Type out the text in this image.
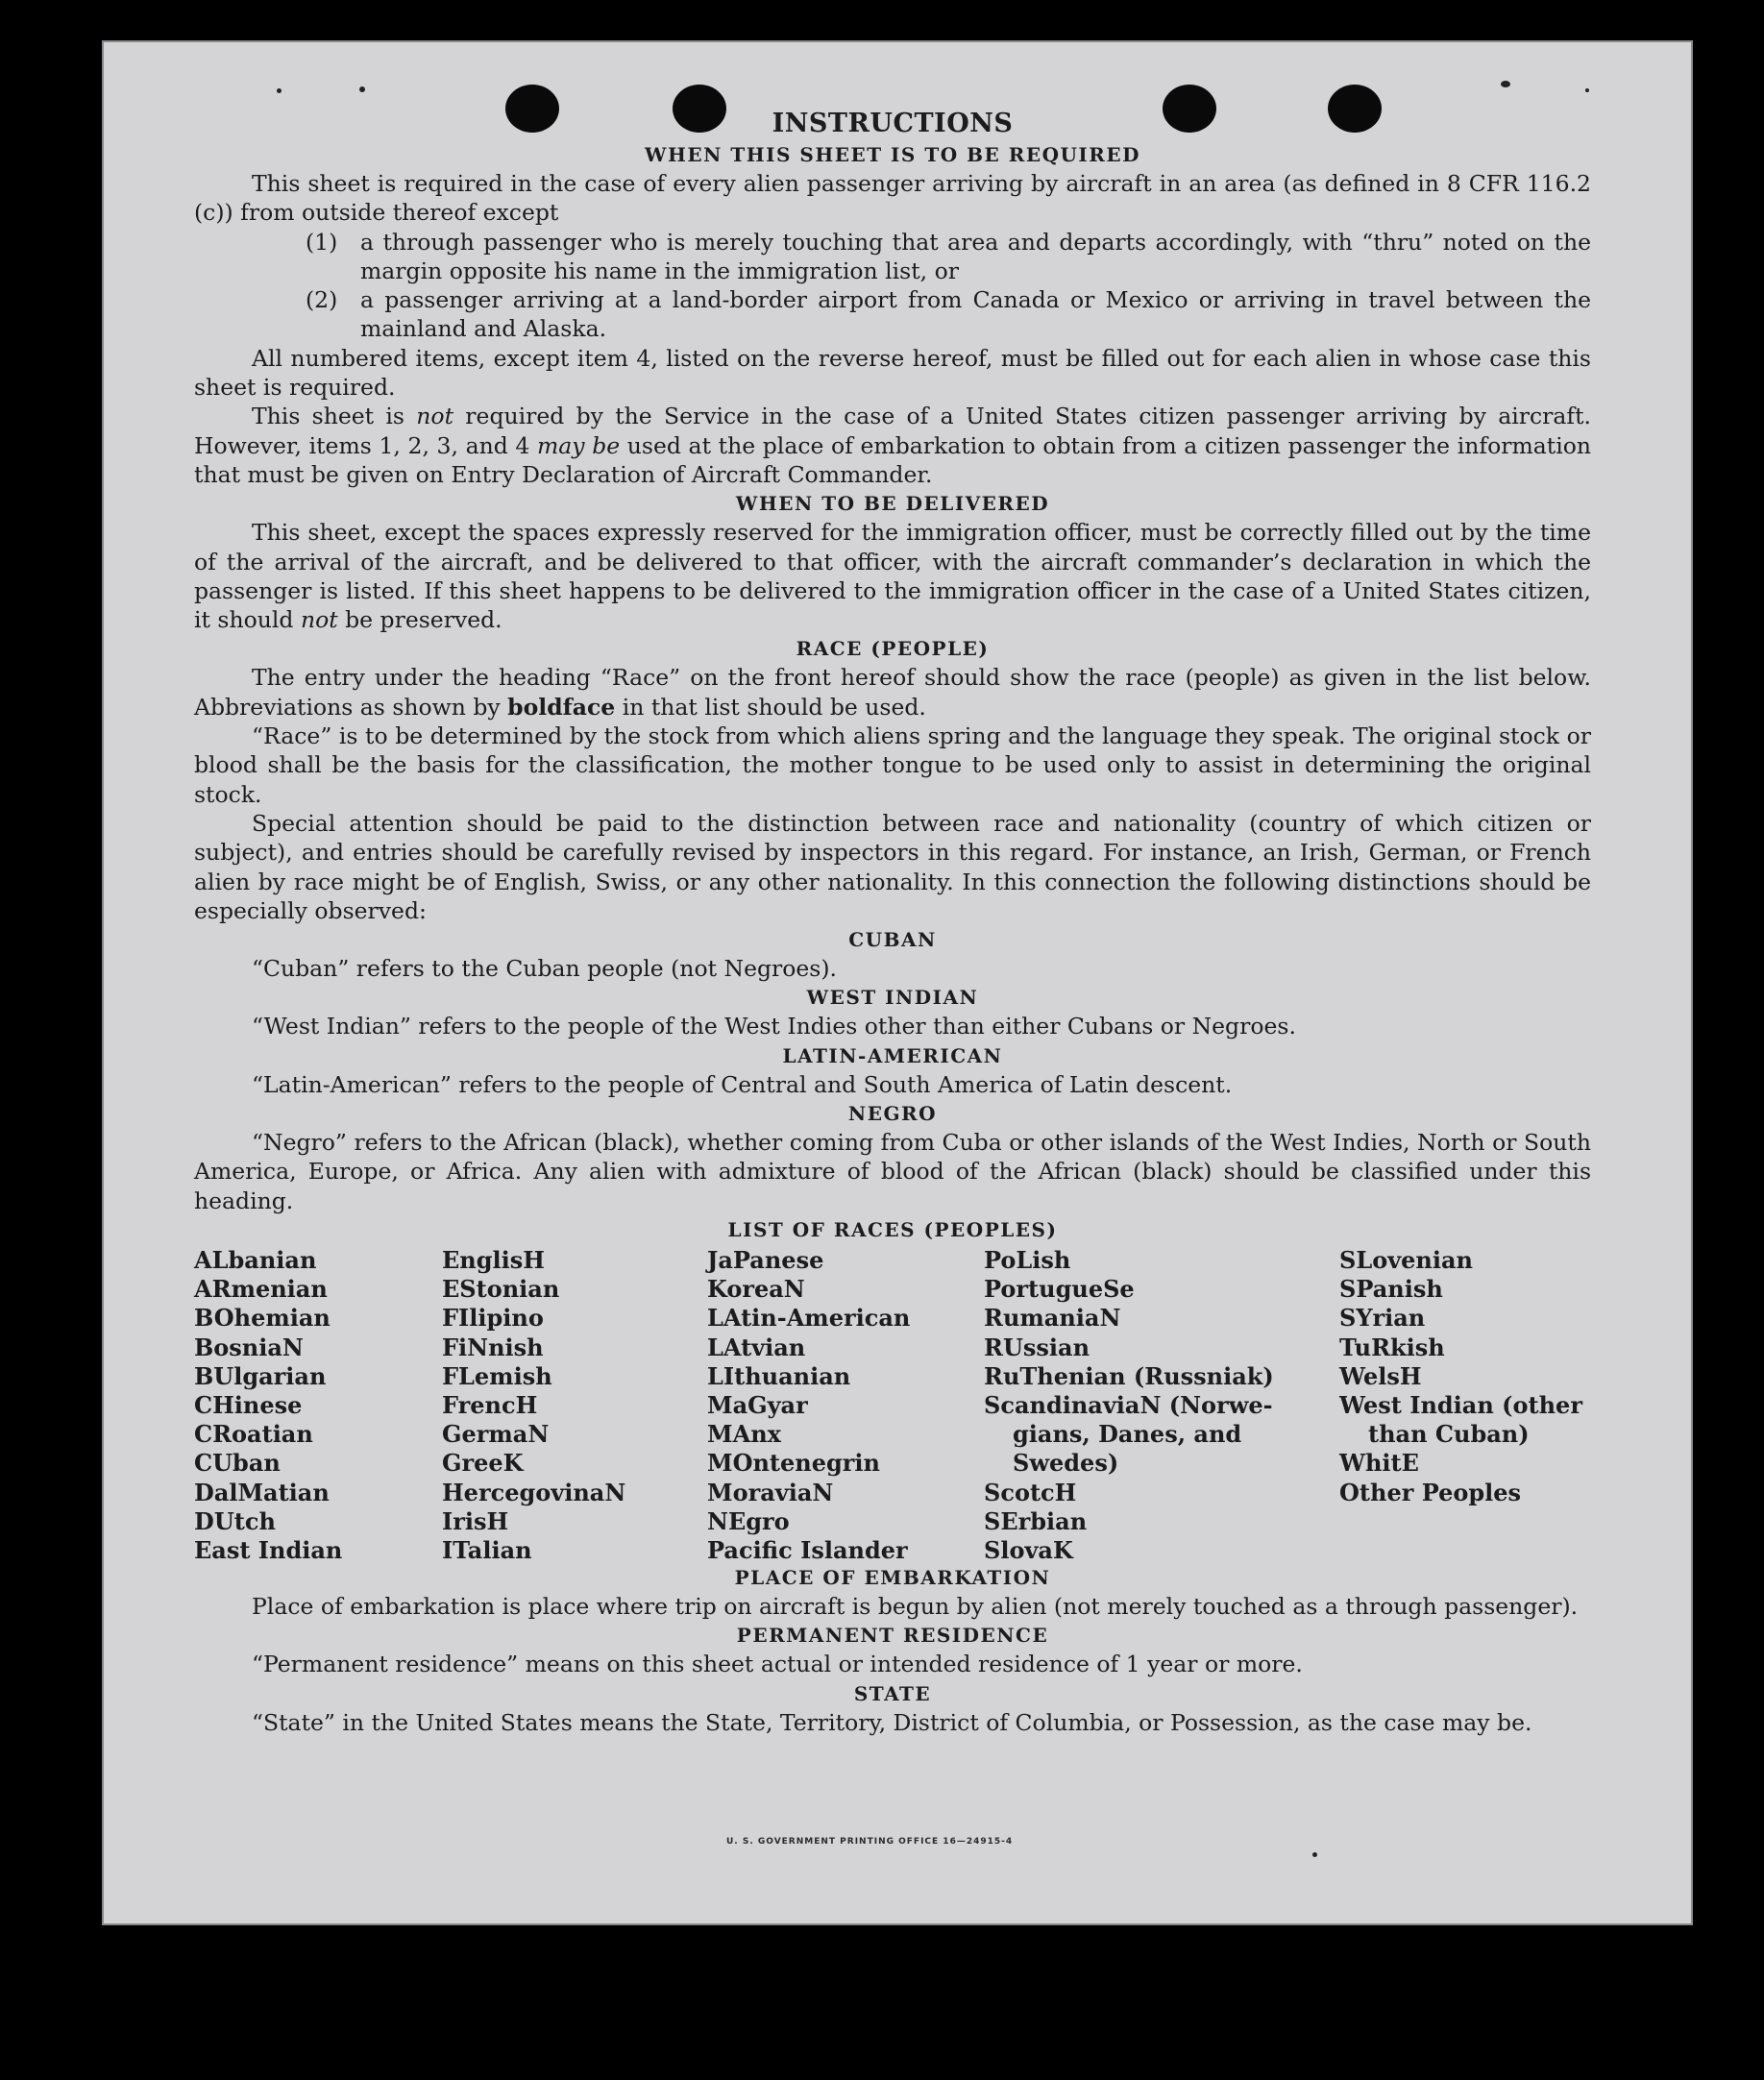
INSTRUCTIONS
WHEN THIS SHEET IS TO BE REQUIRED

This sheet is required in the case of every alien passenger arriving by aircraft in an area (as defined in 8 CFR 116.2 (c)) from outside thereof except

(1) a through passenger who is merely touching that area and departs accordingly, with “thru” noted on the margin opposite his name in the immigration list, or
(2) a passenger arriving at a land-border airport from Canada or Mexico or arriving in travel between the mainland and Alaska.

All numbered items, except item 4, listed on the reverse hereof, must be filled out for each alien in whose case this sheet is required.

This sheet is not required by the Service in the case of a United States citizen passenger arriving by aircraft. However, items 1, 2, 3, and 4 may be used at the place of embarkation to obtain from a citizen passenger the information that must be given on Entry Declaration of Aircraft Commander.

WHEN TO BE DELIVERED

This sheet, except the spaces expressly reserved for the immigration officer, must be correctly filled out by the time of the arrival of the aircraft, and be delivered to that officer, with the aircraft commander’s declaration in which the passenger is listed. If this sheet happens to be delivered to the immigration officer in the case of a United States citizen, it should not be preserved.

RACE (PEOPLE)

The entry under the heading “Race” on the front hereof should show the race (people) as given in the list below. Abbreviations as shown by boldface in that list should be used.

“Race” is to be determined by the stock from which aliens spring and the language they speak. The original stock or blood shall be the basis for the classification, the mother tongue to be used only to assist in determining the original stock.

Special attention should be paid to the distinction between race and nationality (country of which citizen or subject), and entries should be carefully revised by inspectors in this regard. For instance, an Irish, German, or French alien by race might be of English, Swiss, or any other nationality. In this connection the following distinctions should be especially observed:

CUBAN

“Cuban” refers to the Cuban people (not Negroes).

WEST INDIAN

“West Indian” refers to the people of the West Indies other than either Cubans or Negroes.

LATIN-AMERICAN

“Latin-American” refers to the people of Central and South America of Latin descent.

NEGRO

“Negro” refers to the African (black), whether coming from Cuba or other islands of the West Indies, North or South America, Europe, or Africa. Any alien with admixture of blood of the African (black) should be classified under this heading.

LIST OF RACES (PEOPLES)
ALbanian
ARmenian
BOhemian
BosniaN
BUlgarian
CHinese
CRoatian
CUban
DalMatian
DUtch
East Indian
EnglisH
EStonian
FIlipino
FiNnish
FLemish
FrencH
GermaN
GreeK
HercegovinaN
IrisH
ITalian
JaPanese
KoreaN
LAtin-American
LAtvian
LIthuanian
MaGyar
MAnx
MOntenegrin
MoraviaN
NEgro
Pacific Islander
PoLish
PortugueSe
RumaniaN
RUssian
RuThenian (Russniak)
ScandinaviaN (Norwe-
gians, Danes, and
Swedes)
ScotcH
SErbian
SlovaK
SLovenian
SPanish
SYrian
TuRkish
WelsH
West Indian (other
than Cuban)
WhitE
Other Peoples
PLACE OF EMBARKATION

Place of embarkation is place where trip on aircraft is begun by alien (not merely touched as a through passenger).

PERMANENT RESIDENCE

“Permanent residence” means on this sheet actual or intended residence of 1 year or more.

STATE

“State” in the United States means the State, Territory, District of Columbia, or Possession, as the case may be.

U. S. GOVERNMENT PRINTING OFFICE 16—24915-4
